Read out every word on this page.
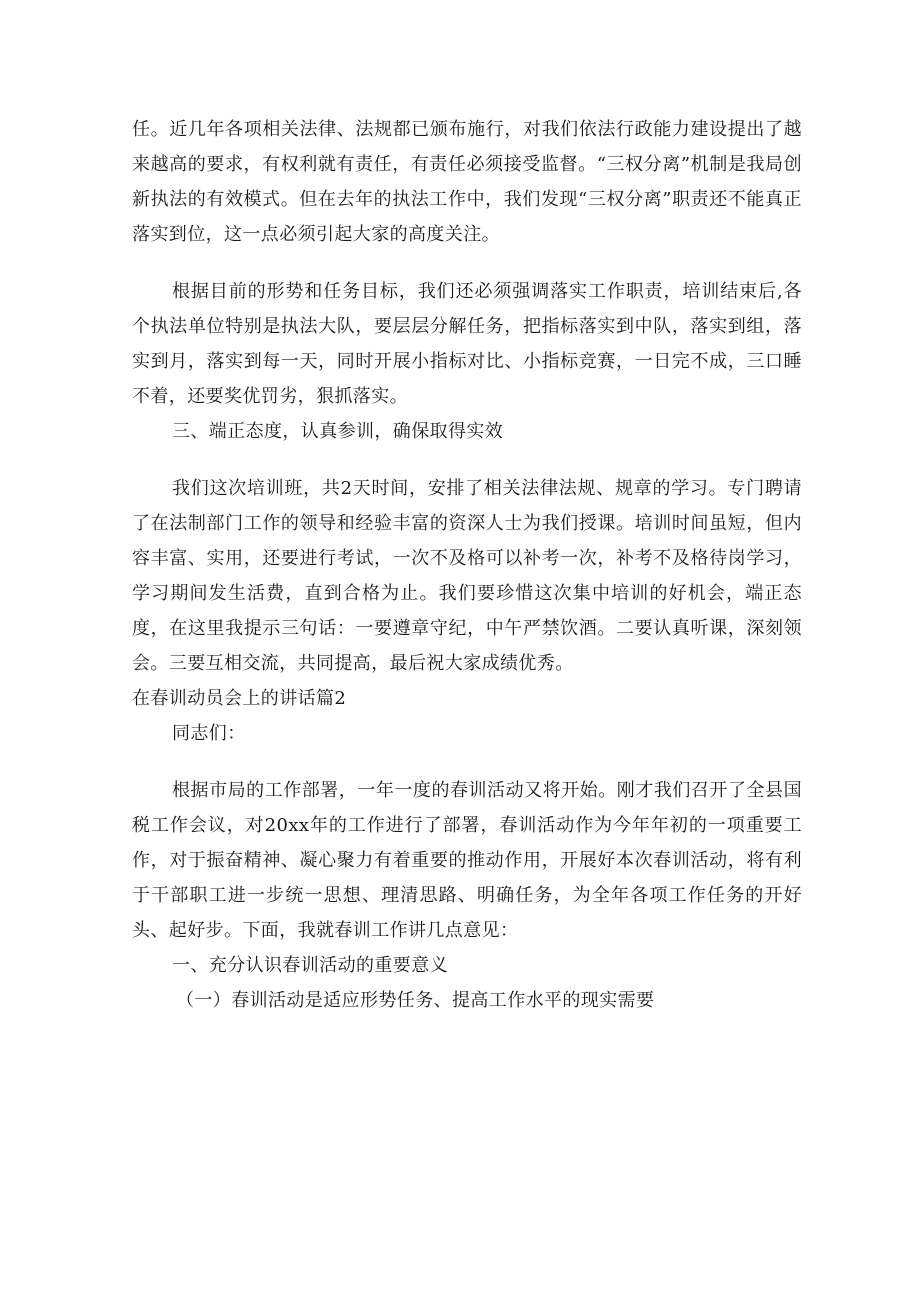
任。近几年各项相关法律、法规都已颁布施行，对我们依法行政能力建设提出了越来越高的要求，有权利就有责任，有责任必须接受监督。“三权分离”机制是我局创新执法的有效模式。但在去年的执法工作中，我们发现“三权分离”职责还不能真正落实到位，这一点必须引起大家的高度关注。

根据目前的形势和任务目标，我们还必须强调落实工作职责，培训结束后,各个执法单位特别是执法大队，要层层分解任务，把指标落实到中队，落实到组，落实到月，落实到每一天，同时开展小指标对比、小指标竞赛，一日完不成，三口睡不着，还要奖优罚劣，狠抓落实。

三、端正态度，认真参训，确保取得实效

我们这次培训班，共2天时间，安排了相关法律法规、规章的学习。专门聘请了在法制部门工作的领导和经验丰富的资深人士为我们授课。培训时间虽短，但内容丰富、实用，还要进行考试，一次不及格可以补考一次，补考不及格待岗学习，学习期间发生活费，直到合格为止。我们要珍惜这次集中培训的好机会，端正态度，在这里我提示三句话：一要遵章守纪，中午严禁饮酒。二要认真听课，深刻领会。三要互相交流，共同提高，最后祝大家成绩优秀。

在春训动员会上的讲话篇2

同志们：

根据市局的工作部署，一年一度的春训活动又将开始。刚才我们召开了全县国税工作会议，对20xx年的工作进行了部署，春训活动作为今年年初的一项重要工作，对于振奋精神、凝心聚力有着重要的推动作用，开展好本次春训活动，将有利于干部职工进一步统一思想、理清思路、明确任务，为全年各项工作任务的开好头、起好步。下面，我就春训工作讲几点意见：

一、充分认识春训活动的重要意义

（一）春训活动是适应形势任务、提高工作水平的现实需要
